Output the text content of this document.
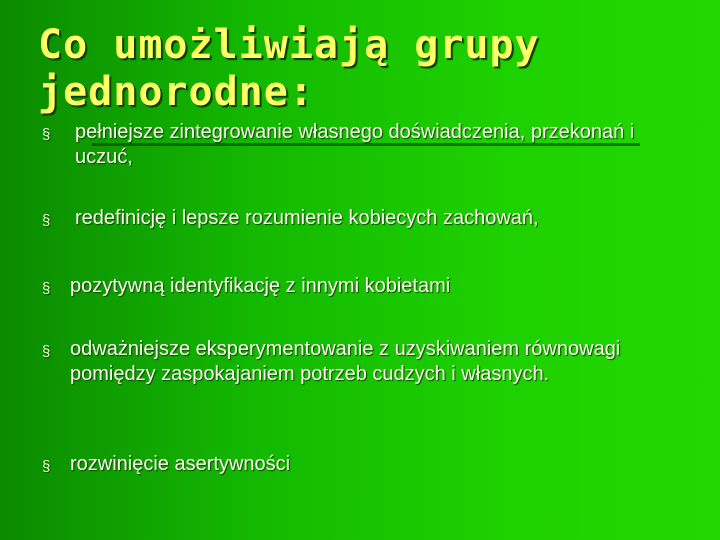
Co umożliwiają grupy jednorodne:
§ pełniejsze zintegrowanie własnego doświadczenia, przekonań i uczuć,
§ redefinicję i lepsze rozumienie kobiecych zachowań,
§ pozytywną identyfikację z innymi kobietami
§ odważniejsze eksperymentowanie z uzyskiwaniem równowagi pomiędzy zaspokajaniem potrzeb cudzych i własnych.
§ rozwinięcie asertywności
